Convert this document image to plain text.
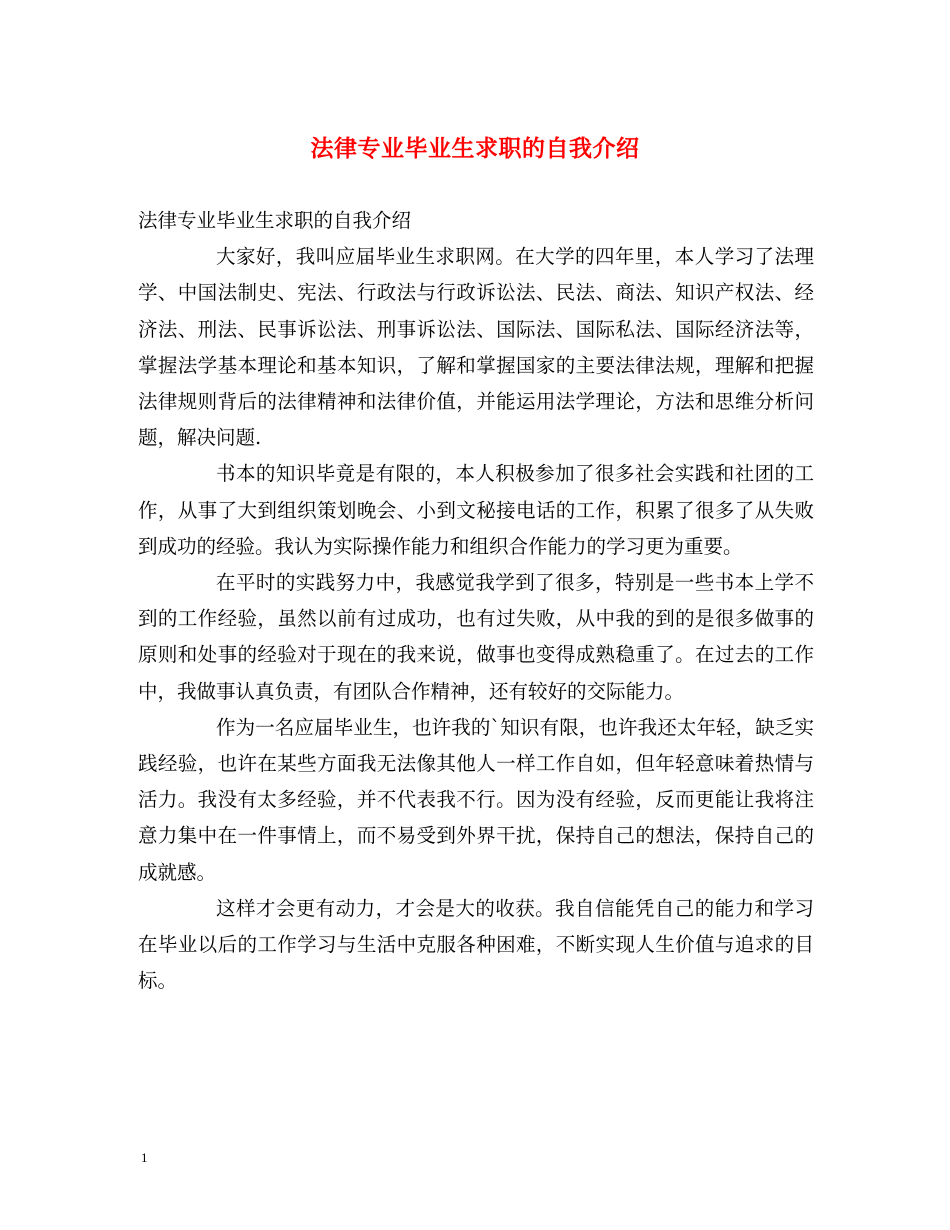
法律专业毕业生求职的自我介绍

法律专业毕业生求职的自我介绍

大家好，我叫应届毕业生求职网。在大学的四年里，本人学习了法理学、中国法制史、宪法、行政法与行政诉讼法、民法、商法、知识产权法、经济法、刑法、民事诉讼法、刑事诉讼法、国际法、国际私法、国际经济法等，掌握法学基本理论和基本知识，了解和掌握国家的主要法律法规，理解和把握法律规则背后的法律精神和法律价值，并能运用法学理论，方法和思维分析问题，解决问题.

书本的知识毕竟是有限的，本人积极参加了很多社会实践和社团的工作，从事了大到组织策划晚会、小到文秘接电话的工作，积累了很多了从失败到成功的经验。我认为实际操作能力和组织合作能力的学习更为重要。

在平时的实践努力中，我感觉我学到了很多，特别是一些书本上学不到的工作经验，虽然以前有过成功，也有过失败，从中我的到的是很多做事的原则和处事的经验对于现在的我来说，做事也变得成熟稳重了。在过去的工作中，我做事认真负责，有团队合作精神，还有较好的交际能力。

作为一名应届毕业生，也许我的`知识有限，也许我还太年轻，缺乏实践经验，也许在某些方面我无法像其他人一样工作自如，但年轻意味着热情与活力。我没有太多经验，并不代表我不行。因为没有经验，反而更能让我将注意力集中在一件事情上，而不易受到外界干扰，保持自己的想法，保持自己的成就感。

这样才会更有动力，才会是大的收获。我自信能凭自己的能力和学习在毕业以后的工作学习与生活中克服各种困难，不断实现人生价值与追求的目标。

1
